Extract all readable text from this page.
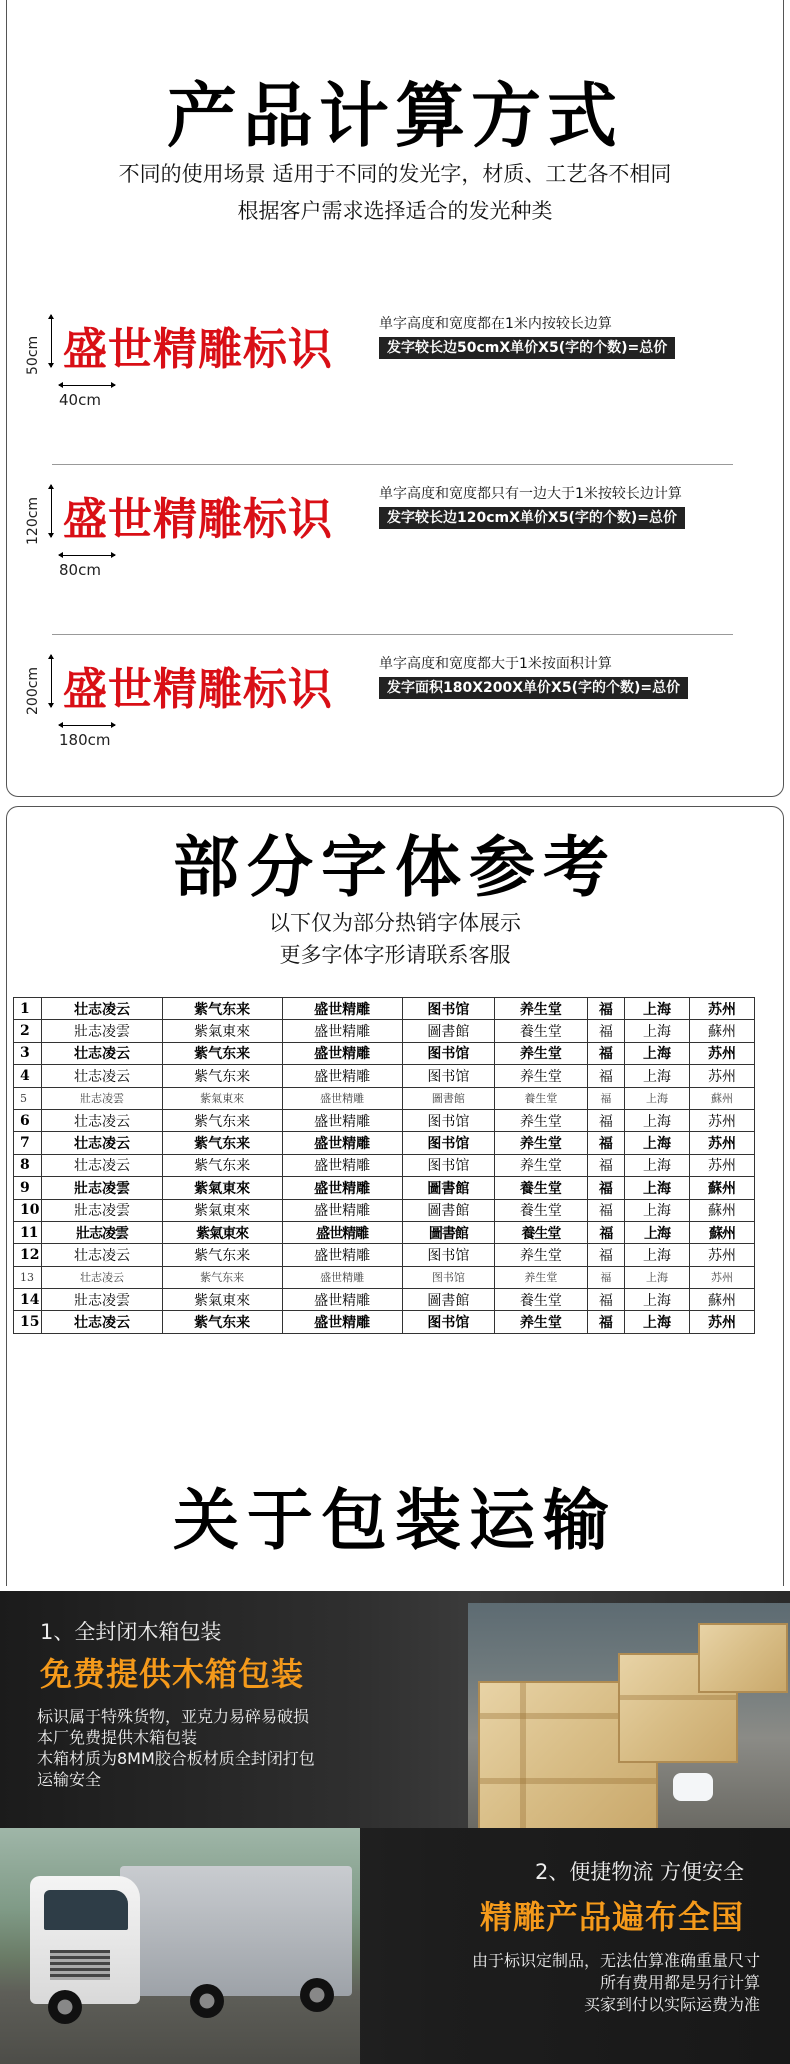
产品计算方式
不同的使用场景 适用于不同的发光字，材质、工艺各不相同
根据客户需求选择适合的发光种类
50cm
40cm
盛世精雕标识	单字高度和宽度都在1米内按较长边算
发字较长边50cmX单价X5(字的个数)=总价
120cm
80cm
盛世精雕标识	单字高度和宽度都只有一边大于1米按较长边计算
发字较长边120cmX单价X5(字的个数)=总价
200cm
180cm
盛世精雕标识	单字高度和宽度都大于1米按面积计算
发字面积180X200X单价X5(字的个数)=总价
部分字体参考
以下仅为部分热销字体展示
更多字体字形请联系客服
1	壮志凌云	紫气东来	盛世精雕	图书馆	养生堂	福	上海	苏州
2	壯志凌雲	紫氣東來	盛世精雕	圖書館	養生堂	福	上海	蘇州
3	壮志凌云	紫气东来	盛世精雕	图书馆	养生堂	福	上海	苏州
4	壮志凌云	紫气东来	盛世精雕	图书馆	养生堂	福	上海	苏州
5	壯志凌雲	紫氣東來	盛世精雕	圖書館	養生堂	福	上海	蘇州
6	壮志凌云	紫气东来	盛世精雕	图书馆	养生堂	福	上海	苏州
7	壮志凌云	紫气东来	盛世精雕	图书馆	养生堂	福	上海	苏州
8	壮志凌云	紫气东来	盛世精雕	图书馆	养生堂	福	上海	苏州
9	壯志凌雲	紫氣東來	盛世精雕	圖書館	養生堂	福	上海	蘇州
10	壯志凌雲	紫氣東來	盛世精雕	圖書館	養生堂	福	上海	蘇州
11	壯志凌雲	紫氣東來	盛世精雕	圖書館	養生堂	福	上海	蘇州
12	壮志凌云	紫气东来	盛世精雕	图书馆	养生堂	福	上海	苏州
13	壮志凌云	紫气东来	盛世精雕	图书馆	养生堂	福	上海	苏州
14	壯志凌雲	紫氣東來	盛世精雕	圖書館	養生堂	福	上海	蘇州
15	壮志凌云	紫气东来	盛世精雕	图书馆	养生堂	福	上海	苏州
关于包装运输
1、全封闭木箱包装
免费提供木箱包装
标识属于特殊货物，亚克力易碎易破损
本厂免费提供木箱包装
木箱材质为8MM胶合板材质全封闭打包
运输安全
2、便捷物流 方便安全
精雕产品遍布全国
由于标识定制品，无法估算准确重量尺寸
所有费用都是另行计算
买家到付以实际运费为准
